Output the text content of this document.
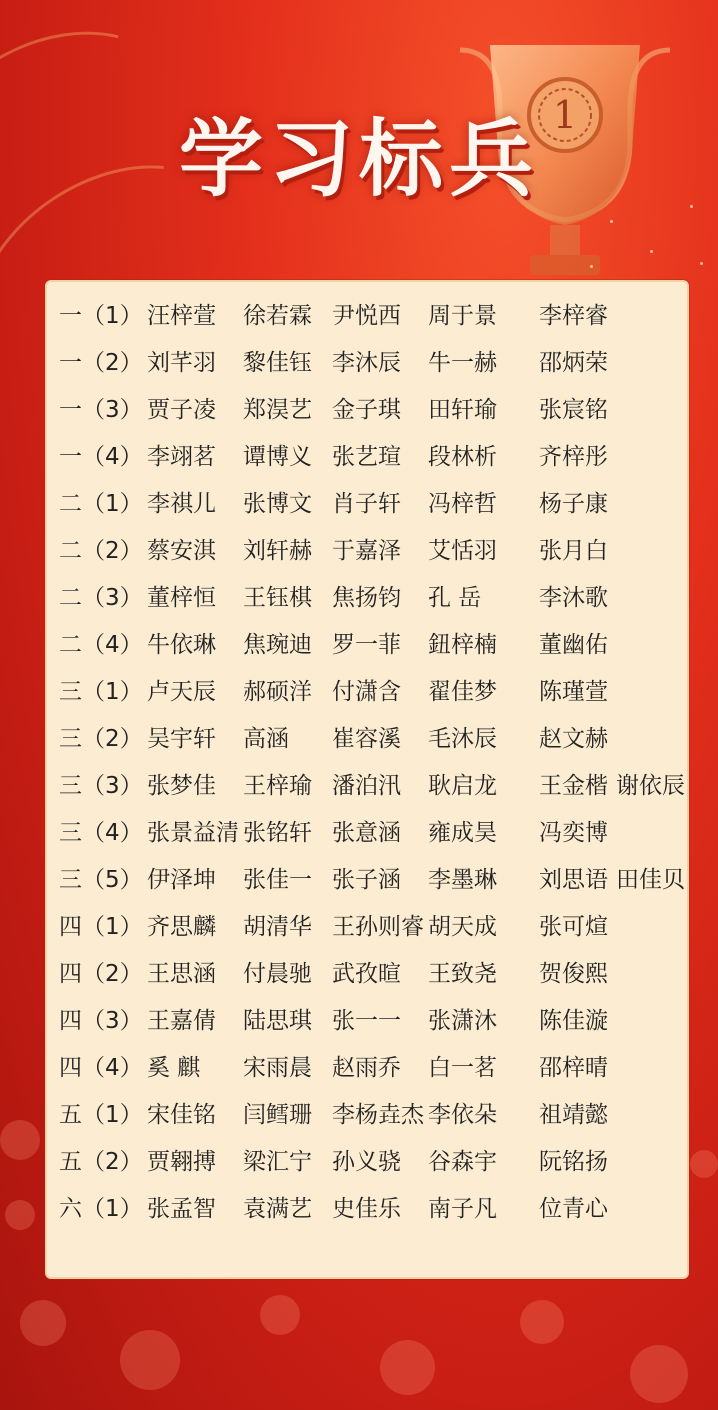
1
学习标兵
一（1） 汪梓萱 徐若霖 尹悦西 周于景 李梓睿
一（2） 刘芊羽 黎佳钰 李沐辰 牛一赫 邵炳荣
一（3） 贾子凌 郑淏艺 金子琪 田轩瑜 张宸铭
一（4） 李翊茗 谭博义 张艺瑄 段林析 齐梓彤
二（1） 李祺儿 张博文 肖子轩 冯梓哲 杨子康
二（2） 蔡安淇 刘轩赫 于嘉泽 艾恬羽 张月白
二（3） 董梓恒 王钰棋 焦扬钧 孔 岳	李沐歌
二（4） 牛依琳 焦琬迪 罗一菲 鈕梓楠 董幽佑
三（1） 卢天辰 郝硕洋 付潇含 翟佳梦 陈瑾萱
三（2） 吴宇轩 高涵 崔容溪 毛沐辰 赵文赫
三（3） 张梦佳 王梓瑜 潘泊汛 耿启龙 王金楷 谢依辰
三（4） 张景益清 张铭轩 张意涵 雍成昊 冯奕博
三（5） 伊泽坤 张佳一 张子涵 李墨琳 刘思语 田佳贝
四（1） 齐思麟 胡清华 王孙则睿 胡天成 张可煊
四（2） 王思涵 付晨驰 武孜暄 王致尧 贺俊熙
四（3） 王嘉倩 陆思琪 张一一 张潇沐 陈佳漩
四（4） 奚 麒 宋雨晨 赵雨乔 白一茗 邵梓晴
五（1） 宋佳铭 闫鳕珊 李杨垚杰 李依朵 祖靖懿
五（2） 贾翱搏 梁汇宁 孙义骁 谷森宇 阮铭扬
六（1） 张孟智 袁满艺 史佳乐 南子凡 位青心
